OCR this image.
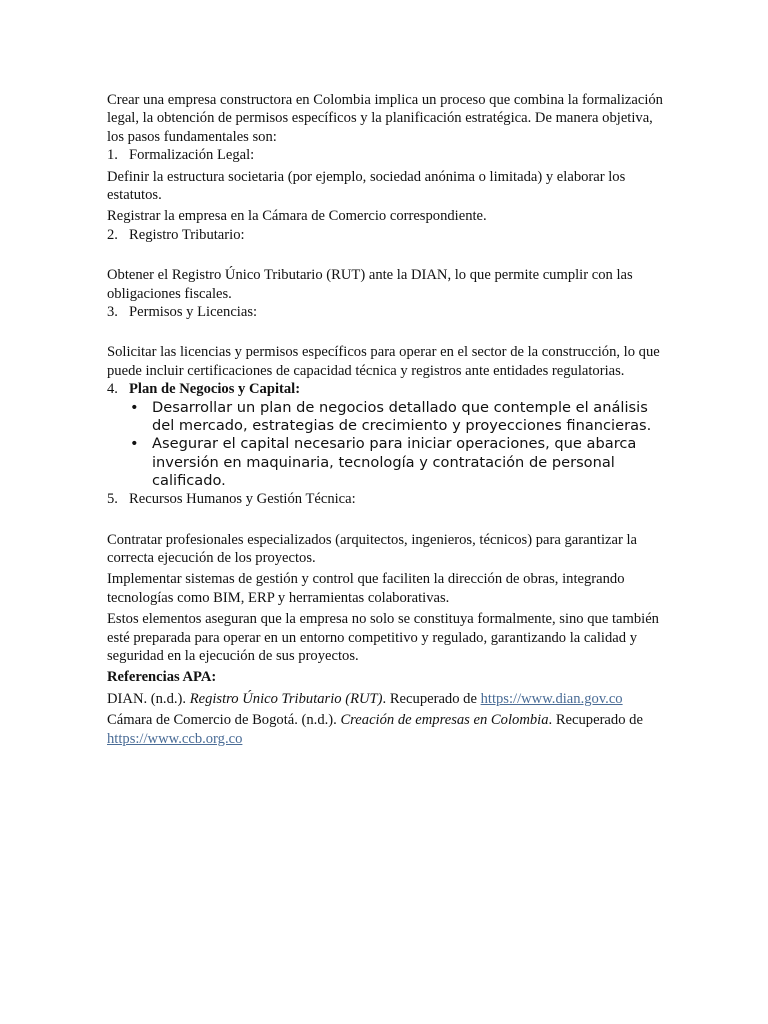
Crear una empresa constructora en Colombia implica un proceso que combina la formalización legal, la obtención de permisos específicos y la planificación estratégica. De manera objetiva, los pasos fundamentales son:

1. Formalización Legal:

Definir la estructura societaria (por ejemplo, sociedad anónima o limitada) y elaborar los estatutos.

Registrar la empresa en la Cámara de Comercio correspondiente.

2. Registro Tributario:

Obtener el Registro Único Tributario (RUT) ante la DIAN, lo que permite cumplir con las obligaciones fiscales.

3. Permisos y Licencias:

Solicitar las licencias y permisos específicos para operar en el sector de la construcción, lo que puede incluir certificaciones de capacidad técnica y registros ante entidades regulatorias.

4. Plan de Negocios y Capital:
• Desarrollar un plan de negocios detallado que contemple el análisis del mercado, estrategias de crecimiento y proyecciones financieras.
• Asegurar el capital necesario para iniciar operaciones, que abarca inversión en maquinaria, tecnología y contratación de personal calificado.
5. Recursos Humanos y Gestión Técnica:

Contratar profesionales especializados (arquitectos, ingenieros, técnicos) para garantizar la correcta ejecución de los proyectos.

Implementar sistemas de gestión y control que faciliten la dirección de obras, integrando tecnologías como BIM, ERP y herramientas colaborativas.

Estos elementos aseguran que la empresa no solo se constituya formalmente, sino que también esté preparada para operar en un entorno competitivo y regulado, garantizando la calidad y seguridad en la ejecución de sus proyectos.

Referencias APA:

DIAN. (n.d.). Registro Único Tributario (RUT). Recuperado de https://www.dian.gov.co

Cámara de Comercio de Bogotá. (n.d.). Creación de empresas en Colombia. Recuperado de https://www.ccb.org.co
